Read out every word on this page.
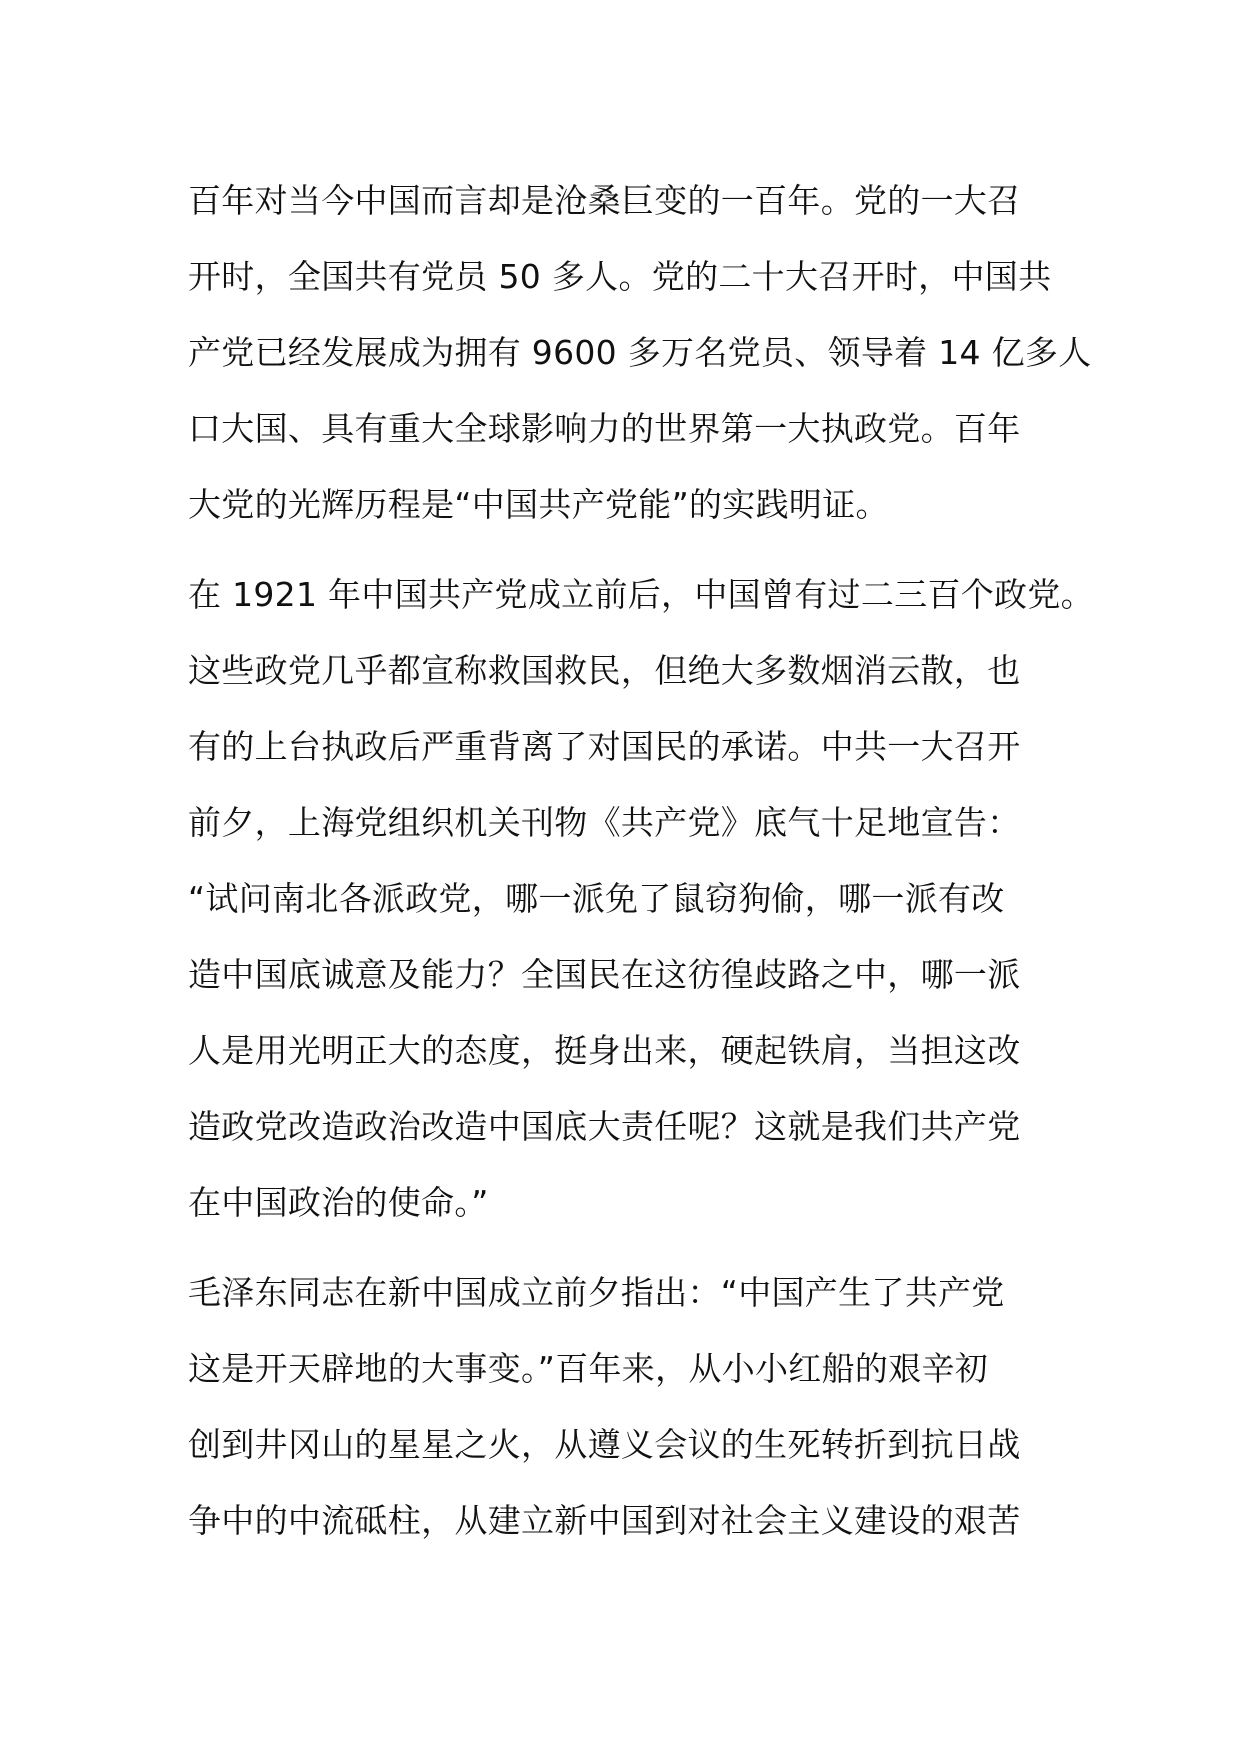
百年对当今中国而言却是沧桑巨变的一百年。党的一大召
开时，全国共有党员 50 多人。党的二十大召开时，中国共
产党已经发展成为拥有 9600 多万名党员、领导着 14 亿多人
口大国、具有重大全球影响力的世界第一大执政党。百年
大党的光辉历程是“中国共产党能”的实践明证。
在 1921 年中国共产党成立前后，中国曾有过二三百个政党。
这些政党几乎都宣称救国救民，但绝大多数烟消云散，也
有的上台执政后严重背离了对国民的承诺。中共一大召开
前夕，上海党组织机关刊物《共产党》底气十足地宣告：
“试问南北各派政党，哪一派免了鼠窃狗偷，哪一派有改
造中国底诚意及能力？全国民在这彷徨歧路之中，哪一派
人是用光明正大的态度，挺身出来，硬起铁肩，当担这改
造政党改造政治改造中国底大责任呢？这就是我们共产党
在中国政治的使命。”
毛泽东同志在新中国成立前夕指出：“中国产生了共产党
这是开天辟地的大事变。”百年来，从小小红船的艰辛初
创到井冈山的星星之火，从遵义会议的生死转折到抗日战
争中的中流砥柱，从建立新中国到对社会主义建设的艰苦
